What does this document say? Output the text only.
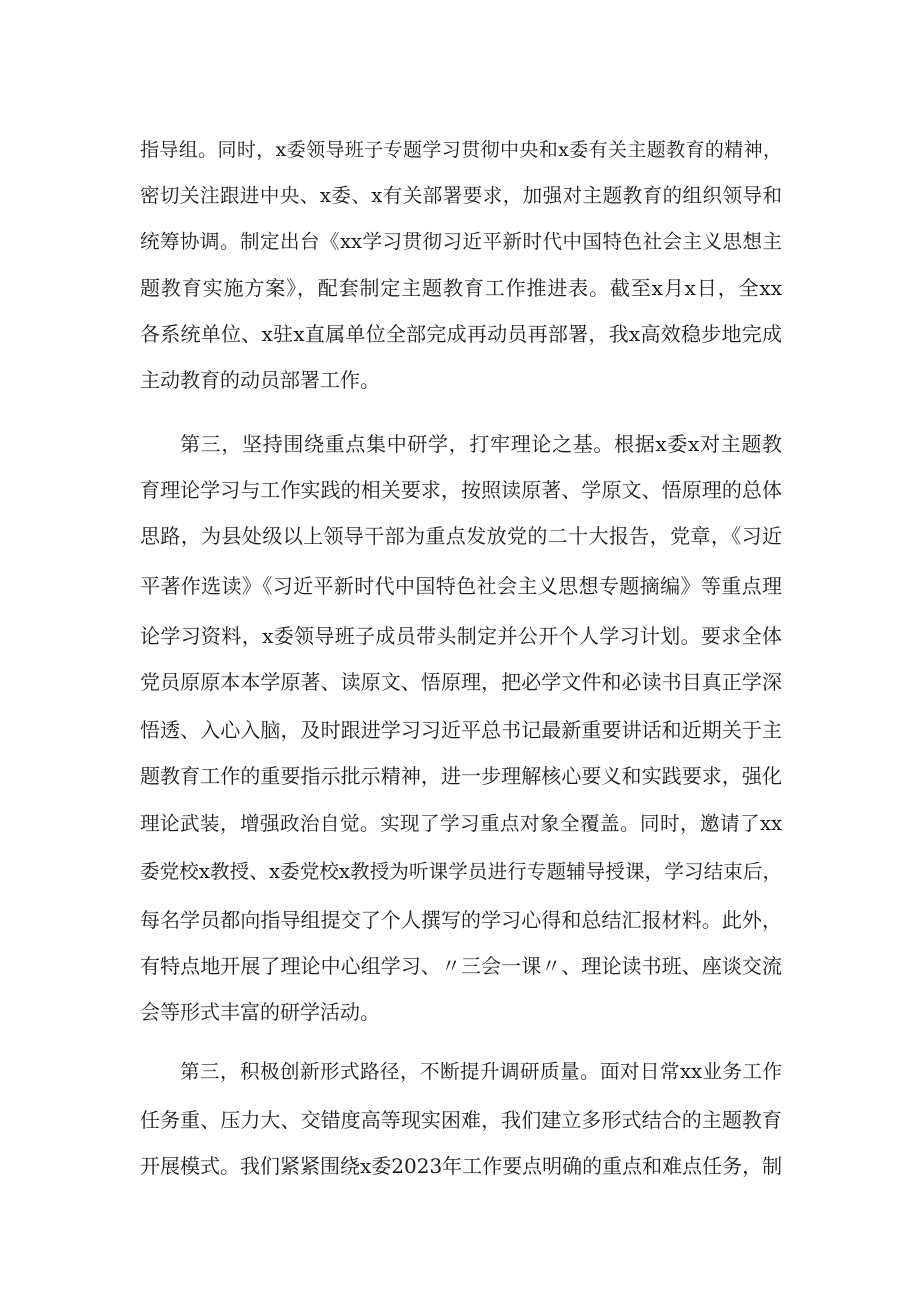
指导组。同时，x委领导班子专题学习贯彻中央和x委有关主题教育的精神，
密切关注跟进中央、x委、x有关部署要求，加强对主题教育的组织领导和
统筹协调。制定出台《xx学习贯彻习近平新时代中国特色社会主义思想主
题教育实施方案》，配套制定主题教育工作推进表。截至x月x日，全xx
各系统单位、x驻x直属单位全部完成再动员再部署，我x高效稳步地完成
主动教育的动员部署工作。
第三，坚持围绕重点集中研学，打牢理论之基。根据x委x对主题教
育理论学习与工作实践的相关要求，按照读原著、学原文、悟原理的总体
思路，为县处级以上领导干部为重点发放党的二十大报告，党章，《习近
平著作选读》《习近平新时代中国特色社会主义思想专题摘编》等重点理
论学习资料，x委领导班子成员带头制定并公开个人学习计划。要求全体
党员原原本本学原著、读原文、悟原理，把必学文件和必读书目真正学深
悟透、入心入脑，及时跟进学习习近平总书记最新重要讲话和近期关于主
题教育工作的重要指示批示精神，进一步理解核心要义和实践要求，强化
理论武装，增强政治自觉。实现了学习重点对象全覆盖。同时，邀请了xx
委党校x教授、x委党校x教授为听课学员进行专题辅导授课，学习结束后，
每名学员都向指导组提交了个人撰写的学习心得和总结汇报材料。此外，
有特点地开展了理论中心组学习、〃三会一课〃、理论读书班、座谈交流
会等形式丰富的研学活动。
第三，积极创新形式路径，不断提升调研质量。面对日常xx业务工作
任务重、压力大、交错度高等现实困难，我们建立多形式结合的主题教育
开展模式。我们紧紧围绕x委2023年工作要点明确的重点和难点任务，制
